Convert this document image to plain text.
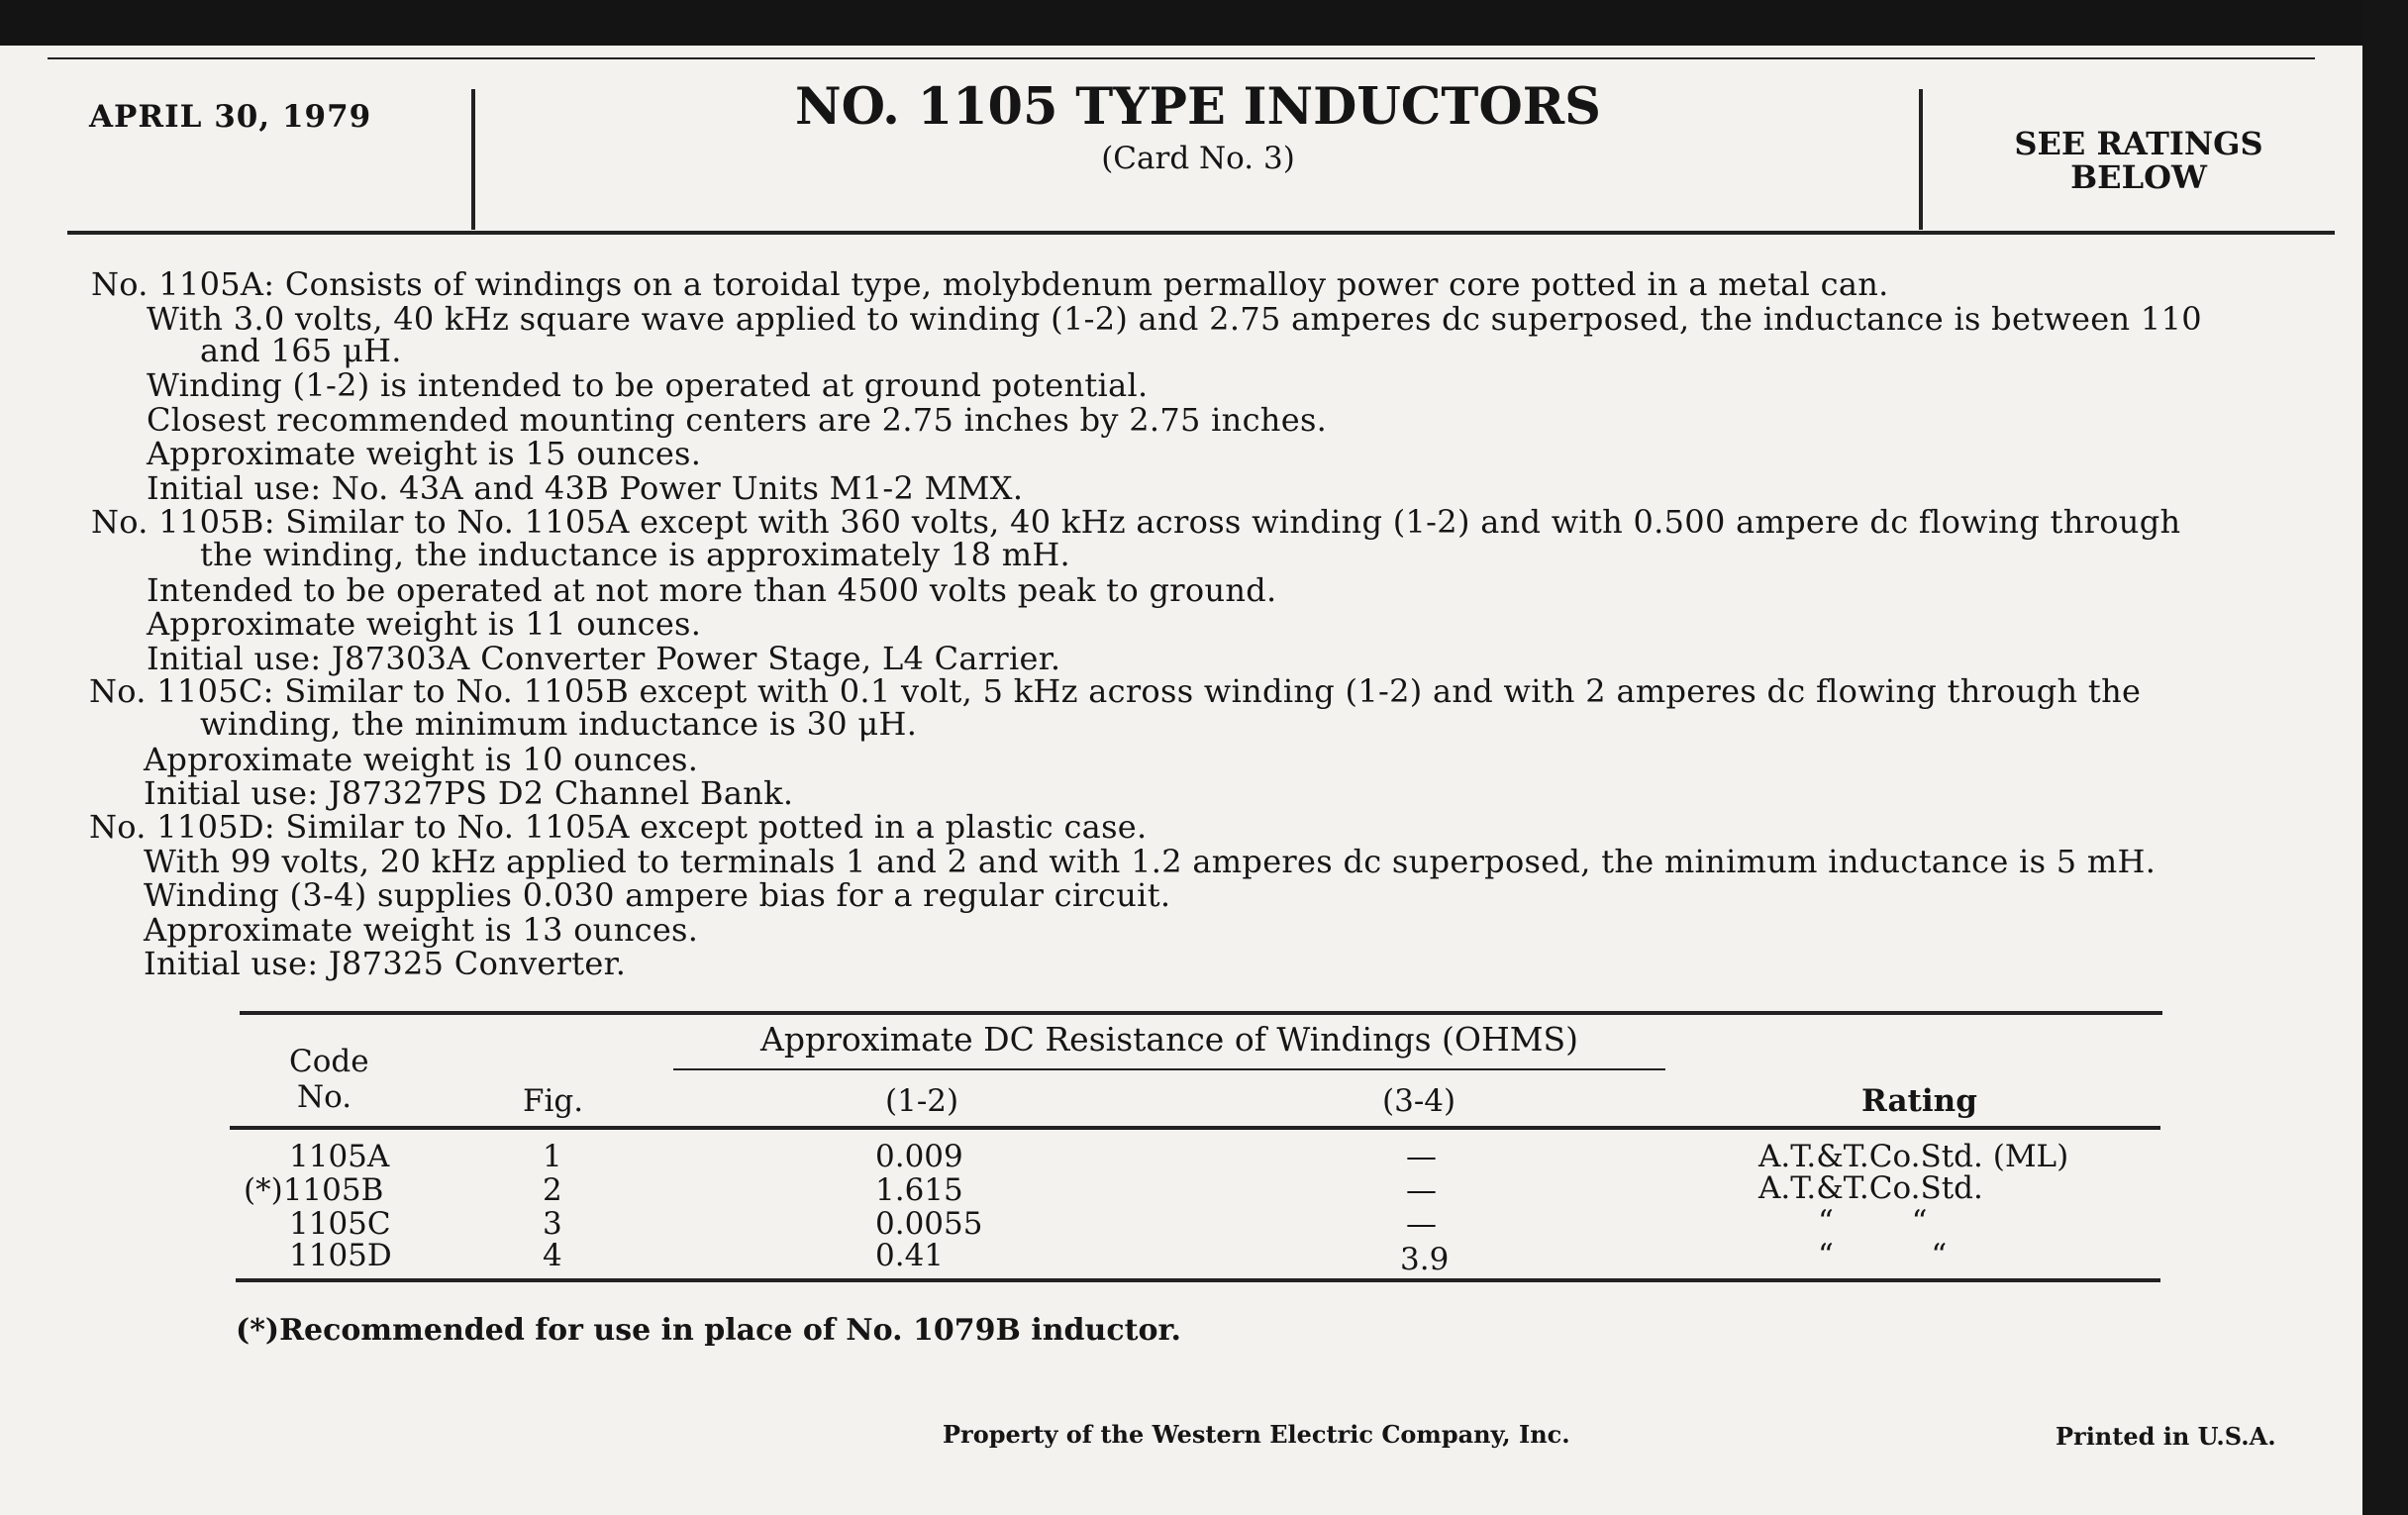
APRIL 30, 1979	NO. 1105 TYPE INDUCTORS
(Card No. 3)	SEE RATINGS
BELOW
No. 1105A: Consists of windings on a toroidal type, molybdenum permalloy power core potted in a metal can.
With 3.0 volts, 40 kHz square wave applied to winding (1-2) and 2.75 amperes dc superposed, the inductance is between 110
and 165 μH.
Winding (1-2) is intended to be operated at ground potential.
Closest recommended mounting centers are 2.75 inches by 2.75 inches.
Approximate weight is 15 ounces.
Initial use: No. 43A and 43B Power Units M1-2 MMX.
No. 1105B: Similar to No. 1105A except with 360 volts, 40 kHz across winding (1-2) and with 0.500 ampere dc flowing through
the winding, the inductance is approximately 18 mH.
Intended to be operated at not more than 4500 volts peak to ground.
Approximate weight is 11 ounces.
Initial use: J87303A Converter Power Stage, L4 Carrier.
No. 1105C: Similar to No. 1105B except with 0.1 volt, 5 kHz across winding (1-2) and with 2 amperes dc flowing through the
winding, the minimum inductance is 30 μH.
Approximate weight is 10 ounces.
Initial use: J87327PS D2 Channel Bank.
No. 1105D: Similar to No. 1105A except potted in a plastic case.
With 99 volts, 20 kHz applied to terminals 1 and 2 and with 1.2 amperes dc superposed, the minimum inductance is 5 mH.
Winding (3-4) supplies 0.030 ampere bias for a regular circuit.
Approximate weight is 13 ounces.
Initial use: J87325 Converter.
Code
No.	Fig.
Approximate DC Resistance of Windings (OHMS)
(1-2)	(3-4)	Rating
1105A	1	0.009	—	A.T.&T.Co.Std. (ML)
(*)1105B	2	1.615	—	A.T.&T.Co.Std.
1105C	3	0.0055	—	“        “
1105D	4	0.41	3.9	“          “
(*)Recommended for use in place of No. 1079B inductor.
Property of the Western Electric Company, Inc.	Printed in U.S.A.
